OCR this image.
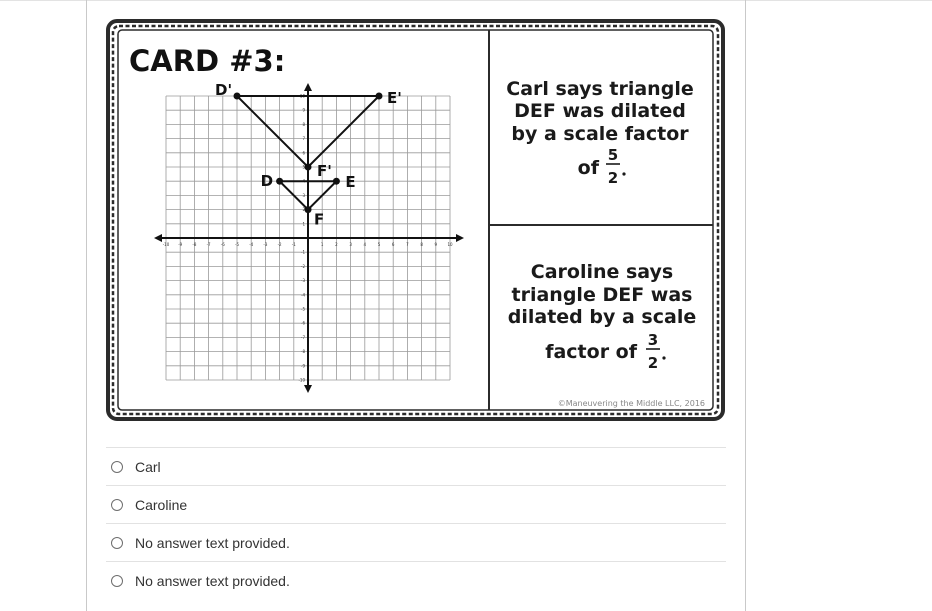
CARD #3:
-10 -9	-8	-7	-6	-5	-4	-3	-2	-1	1	2	3	4	5	6	7	8	9	10
-10
-9
-8
-7
-6
-5
-4
-3
-2
-1
1
2
3
4
5
6
7
8
9
10
D	E
F
D'	E'
F'
Carl says triangle
DEF was dilated
by a scale factor
of
5
2
Caroline says
triangle DEF was
dilated by a scale
factor of
3
2
©Maneuvering the Middle LLC, 2016
Carl
Caroline
No answer text provided.
No answer text provided.
